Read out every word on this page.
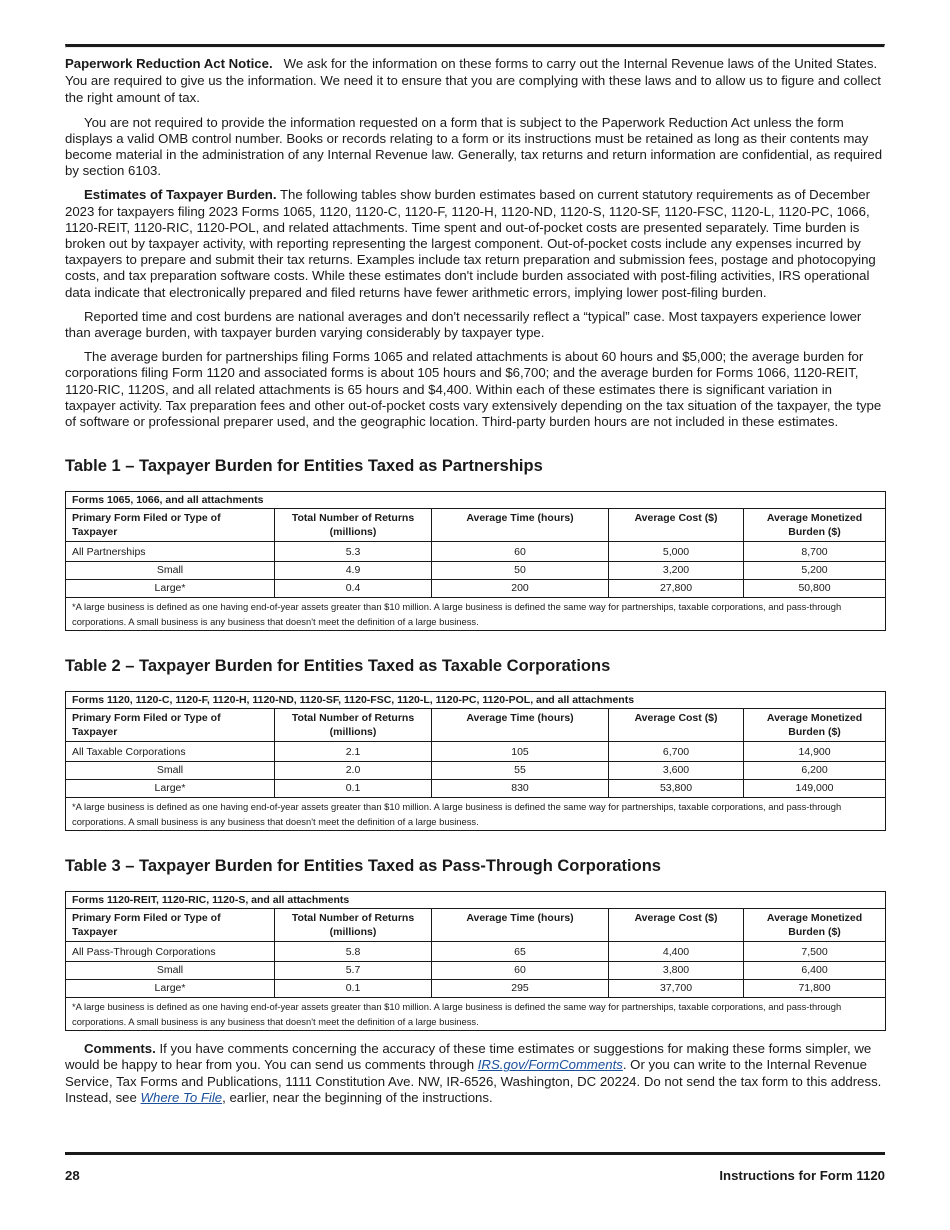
Paperwork Reduction Act Notice. We ask for the information on these forms to carry out the Internal Revenue laws of the United States. You are required to give us the information. We need it to ensure that you are complying with these laws and to allow us to figure and collect the right amount of tax.

You are not required to provide the information requested on a form that is subject to the Paperwork Reduction Act unless the form displays a valid OMB control number. Books or records relating to a form or its instructions must be retained as long as their contents may become material in the administration of any Internal Revenue law. Generally, tax returns and return information are confidential, as required by section 6103.

Estimates of Taxpayer Burden. The following tables show burden estimates based on current statutory requirements as of December 2023 for taxpayers filing 2023 Forms 1065, 1120, 1120-C, 1120-F, 1120-H, 1120-ND, 1120-S, 1120-SF, 1120-FSC, 1120-L, 1120-PC, 1066, 1120-REIT, 1120-RIC, 1120-POL, and related attachments. Time spent and out-of-pocket costs are presented separately. Time burden is broken out by taxpayer activity, with reporting representing the largest component. Out-of-pocket costs include any expenses incurred by taxpayers to prepare and submit their tax returns. Examples include tax return preparation and submission fees, postage and photocopying costs, and tax preparation software costs. While these estimates don't include burden associated with post-filing activities, IRS operational data indicate that electronically prepared and filed returns have fewer arithmetic errors, implying lower post-filing burden.

Reported time and cost burdens are national averages and don't necessarily reflect a “typical” case. Most taxpayers experience lower than average burden, with taxpayer burden varying considerably by taxpayer type.

The average burden for partnerships filing Forms 1065 and related attachments is about 60 hours and $5,000; the average burden for corporations filing Form 1120 and associated forms is about 105 hours and $6,700; and the average burden for Forms 1066, 1120-REIT, 1120-RIC, 1120S, and all related attachments is 65 hours and $4,400. Within each of these estimates there is significant variation in taxpayer activity. Tax preparation fees and other out-of-pocket costs vary extensively depending on the tax situation of the taxpayer, the type of software or professional preparer used, and the geographic location. Third-party burden hours are not included in these estimates.

Table 1 – Taxpayer Burden for Entities Taxed as Partnerships
Forms 1065, 1066, and all attachments				
Primary Form Filed or Type of Taxpayer	Total Number of Returns (millions)	Average Time (hours)	Average Cost ($)	Average Monetized Burden ($)
All Partnerships	5.3	60	5,000	8,700
Small	4.9	50	3,200	5,200
Large*	0.4	200	27,800	50,800
*A large business is defined as one having end-of-year assets greater than $10 million. A large business is defined the same way for partnerships, taxable corporations, and pass-through corporations. A small business is any business that doesn't meet the definition of a large business.				
Table 2 – Taxpayer Burden for Entities Taxed as Taxable Corporations
Forms 1120, 1120-C, 1120-F, 1120-H, 1120-ND, 1120-SF, 1120-FSC, 1120-L, 1120-PC, 1120-POL, and all attachments				
Primary Form Filed or Type of Taxpayer	Total Number of Returns (millions)	Average Time (hours)	Average Cost ($)	Average Monetized Burden ($)
All Taxable Corporations	2.1	105	6,700	14,900
Small	2.0	55	3,600	6,200
Large*	0.1	830	53,800	149,000
*A large business is defined as one having end-of-year assets greater than $10 million. A large business is defined the same way for partnerships, taxable corporations, and pass-through corporations. A small business is any business that doesn't meet the definition of a large business.				
Table 3 – Taxpayer Burden for Entities Taxed as Pass-Through Corporations
Forms 1120-REIT, 1120-RIC, 1120-S, and all attachments				
Primary Form Filed or Type of Taxpayer	Total Number of Returns (millions)	Average Time (hours)	Average Cost ($)	Average Monetized Burden ($)
All Pass-Through Corporations	5.8	65	4,400	7,500
Small	5.7	60	3,800	6,400
Large*	0.1	295	37,700	71,800
*A large business is defined as one having end-of-year assets greater than $10 million. A large business is defined the same way for partnerships, taxable corporations, and pass-through corporations. A small business is any business that doesn't meet the definition of a large business.				

Comments. If you have comments concerning the accuracy of these time estimates or suggestions for making these forms simpler, we would be happy to hear from you. You can send us comments through IRS.gov/FormComments. Or you can write to the Internal Revenue Service, Tax Forms and Publications, 1111 Constitution Ave. NW, IR-6526, Washington, DC 20224. Do not send the tax form to this address. Instead, see Where To File, earlier, near the beginning of the instructions.

28	Instructions for Form 1120
